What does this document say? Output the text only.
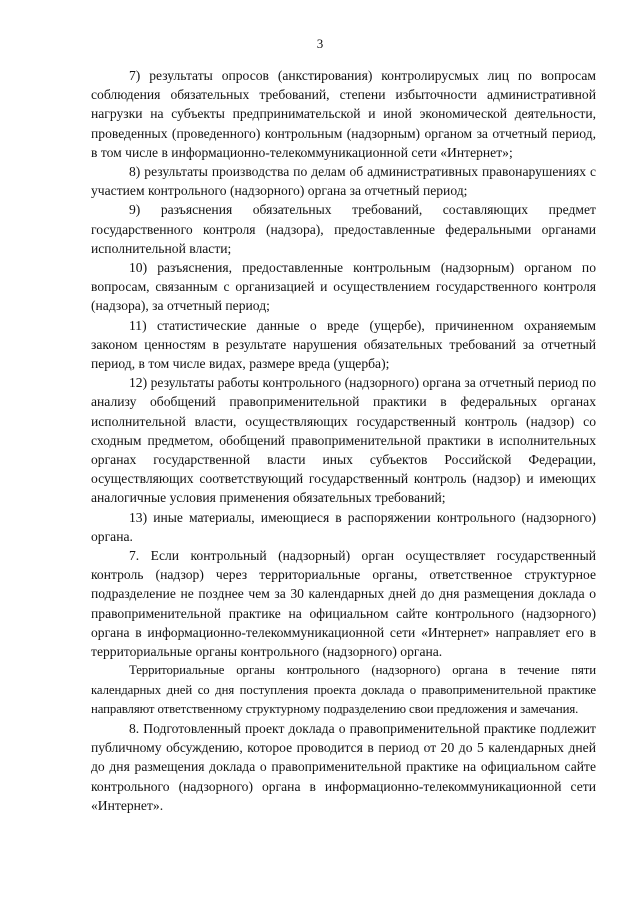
3

7) результаты опросов (анкстирования) контролирусмых лиц по вопросам соблюдения обязательных требований, степени избыточности административной нагрузки на субъекты предпринимательской и иной экономической деятельности, проведенных (проведенного) контрольным (надзорным) органом за отчетный период, в том числе в информационно-телекоммуникационной сети «Интернет»;

8) результаты производства по делам об административных правонарушениях с участием контрольного (надзорного) органа за отчетный период;

9) разъяснения обязательных требований, составляющих предмет государственного контроля (надзора), предоставленные федеральными органами исполнительной власти;

10) разъяснения, предоставленные контрольным (надзорным) органом по вопросам, связанным с организацией и осуществлением государственного контроля (надзора), за отчетный период;

11) статистические данные о вреде (ущербе), причиненном охраняемым законом ценностям в результате нарушения обязательных требований за отчетный период, в том числе видах, размере вреда (ущерба);

12) результаты работы контрольного (надзорного) органа за отчетный период по анализу обобщений правоприменительной практики в федеральных органах исполнительной власти, осуществляющих государственный контроль (надзор) со сходным предметом, обобщений правоприменительной практики в исполнительных органах государственной власти иных субъектов Российской Федерации, осуществляющих соответствующий государственный контроль (надзор) и имеющих аналогичные условия применения обязательных требований;

13) иные материалы, имеющиеся в распоряжении контрольного (надзорного) органа.

7. Если контрольный (надзорный) орган осуществляет государственный контроль (надзор) через территориальные органы, ответственное структурное подразделение не позднее чем за 30 календарных дней до дня размещения доклада о правоприменительной практике на официальном сайте контрольного (надзорного) органа в информационно-телекоммуникационной сети «Интернет» направляет его в территориальные органы контрольного (надзорного) органа.

Территориальные органы контрольного (надзорного) органа в течение пяти календарных дней со дня поступления проекта доклада о правоприменительной практике направляют ответственному структурному подразделению свои предложения и замечания.

8. Подготовленный проект доклада о правоприменительной практике подлежит публичному обсуждению, которое проводится в период от 20 до 5 календарных дней до дня размещения доклада о правоприменительной практике на официальном сайте контрольного (надзорного) органа в информационно-телекоммуникационной сети «Интернет».
